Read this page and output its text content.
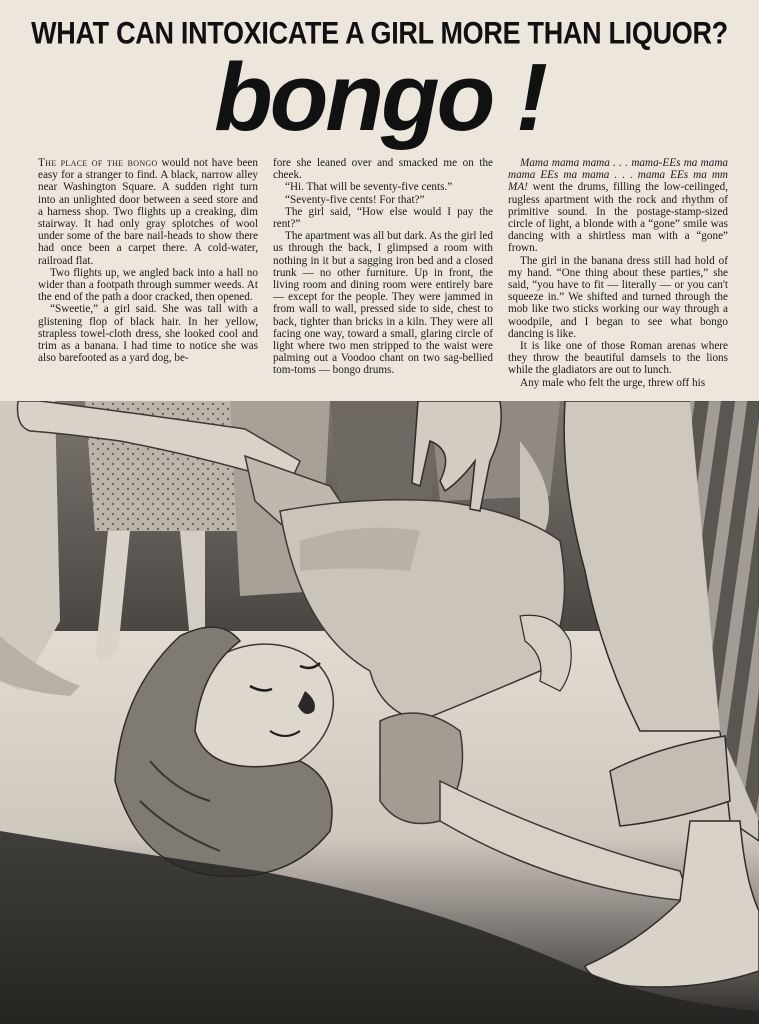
WHAT CAN INTOXICATE A GIRL MORE THAN LIQUOR?
bongo !

The place of the bongo would not have been easy for a stranger to find. A black, narrow alley near Washington Square. A sudden right turn into an unlighted door between a seed store and a harness shop. Two flights up a creaking, dim stairway. It had only gray splotches of wool under some of the bare nail-heads to show there had once been a carpet there. A cold-water, railroad flat.

Two flights up, we angled back into a hall no wider than a footpath through summer weeds. At the end of the path a door cracked, then opened.

“Sweetie,” a girl said. She was tall with a glistening flop of black hair. In her yellow, strapless towel-cloth dress, she looked cool and trim as a banana. I had time to notice she was also barefooted as a yard dog, be-

fore she leaned over and smacked me on the cheek.

“Hi. That will be seventy-five cents.”

“Seventy-five cents! For that?”

The girl said, “How else would I pay the rent?”

The apartment was all but dark. As the girl led us through the back, I glimpsed a room with nothing in it but a sagging iron bed and a closed trunk — no other furniture. Up in front, the living room and dining room were entirely bare — except for the people. They were jammed in from wall to wall, pressed side to side, chest to back, tighter than bricks in a kiln. They were all facing one way, toward a small, glaring circle of light where two men stripped to the waist were palming out a Voodoo chant on two sag-bellied tom-toms — bongo drums.

Mama mama mama . . . mama-EEs ma mama mama EEs ma mama . . . mama EEs ma mm MA! went the drums, filling the low-ceilinged, rugless apartment with the rock and rhythm of primitive sound. In the postage-stamp-sized circle of light, a blonde with a “gone” smile was dancing with a shirtless man with a “gone” frown.

The girl in the banana dress still had hold of my hand. “One thing about these parties,” she said, “you have to fit — literally — or you can't squeeze in.” We shifted and turned through the mob like two sticks working our way through a woodpile, and I began to see what bongo dancing is like.

It is like one of those Roman arenas where they throw the beautiful damsels to the lions while the gladiators are out to lunch.

Any male who felt the urge, threw off his
